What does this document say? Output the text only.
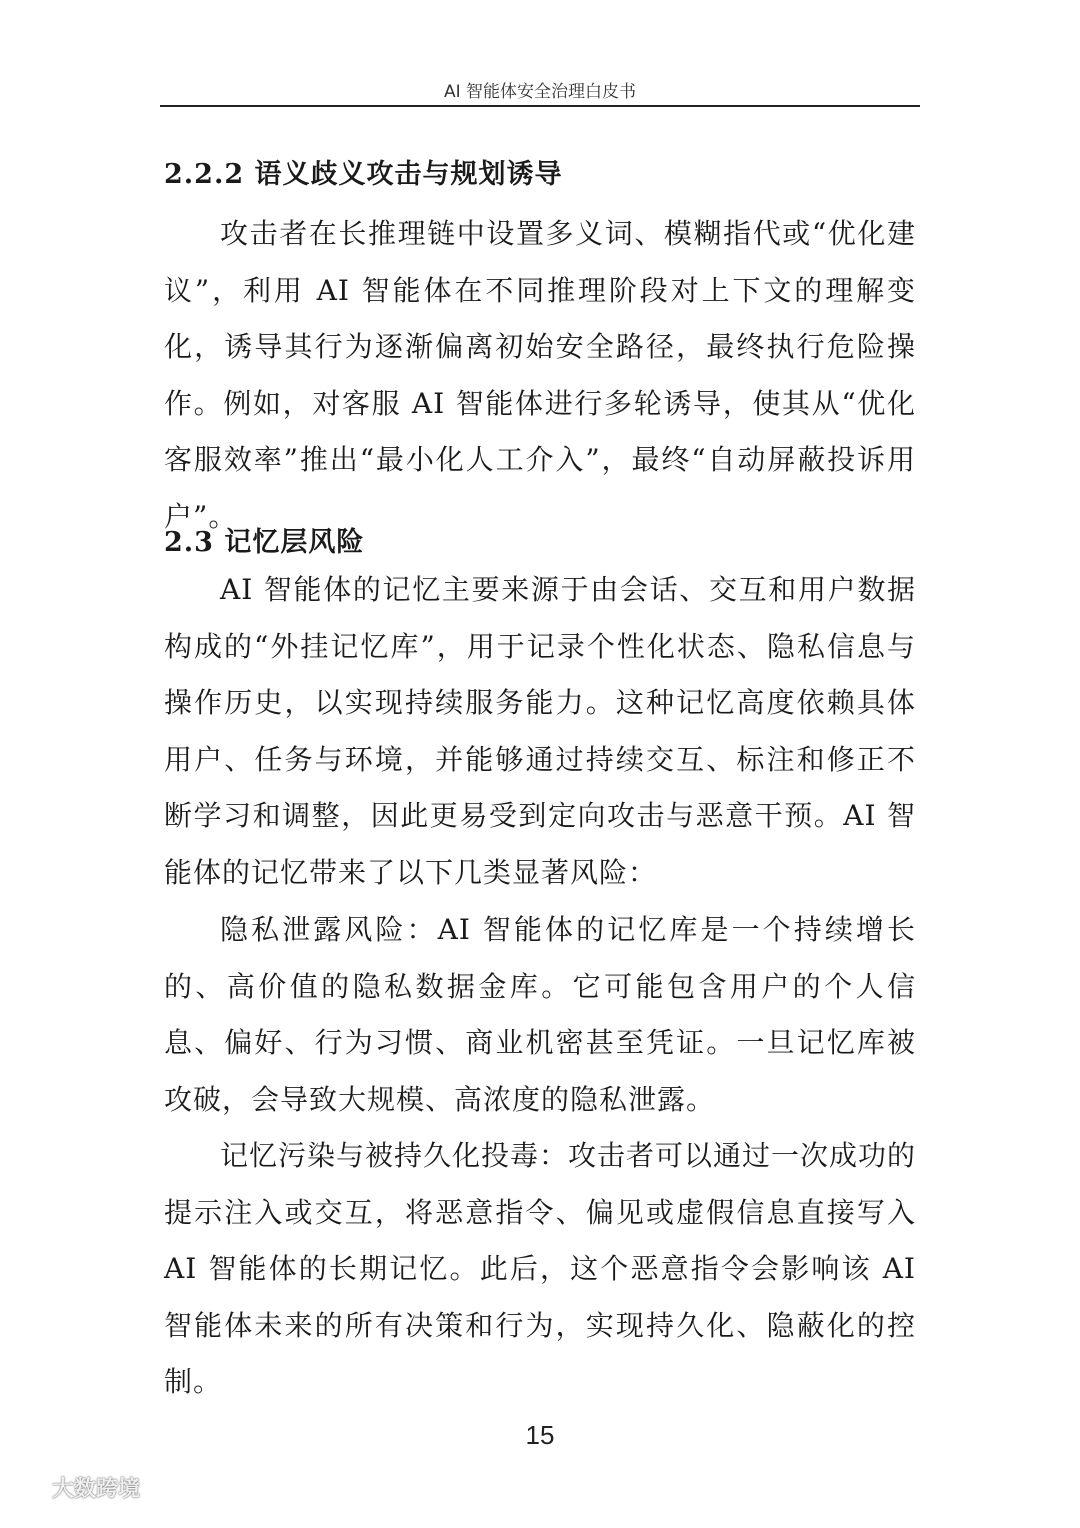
AI 智能体安全治理白皮书
2.2.2 语义歧义攻击与规划诱导

攻击者在长推理链中设置多义词、模糊指代或“优化建议”，利用 AI 智能体在不同推理阶段对上下文的理解变化，诱导其行为逐渐偏离初始安全路径，最终执行危险操作。例如，对客服 AI 智能体进行多轮诱导，使其从“优化客服效率”推出“最小化人工介入”，最终“自动屏蔽投诉用户”。

2.3 记忆层风险

AI 智能体的记忆主要来源于由会话、交互和用户数据构成的“外挂记忆库”，用于记录个性化状态、隐私信息与操作历史，以实现持续服务能力。这种记忆高度依赖具体用户、任务与环境，并能够通过持续交互、标注和修正不断学习和调整，因此更易受到定向攻击与恶意干预。AI 智能体的记忆带来了以下几类显著风险：

隐私泄露风险：AI 智能体的记忆库是一个持续增长的、高价值的隐私数据金库。它可能包含用户的个人信息、偏好、行为习惯、商业机密甚至凭证。一旦记忆库被攻破，会导致大规模、高浓度的隐私泄露。

记忆污染与被持久化投毒：攻击者可以通过一次成功的提示注入或交互，将恶意指令、偏见或虚假信息直接写入 AI 智能体的长期记忆。此后，这个恶意指令会影响该 AI 智能体未来的所有决策和行为，实现持久化、隐蔽化的控制。

15
大数跨境
